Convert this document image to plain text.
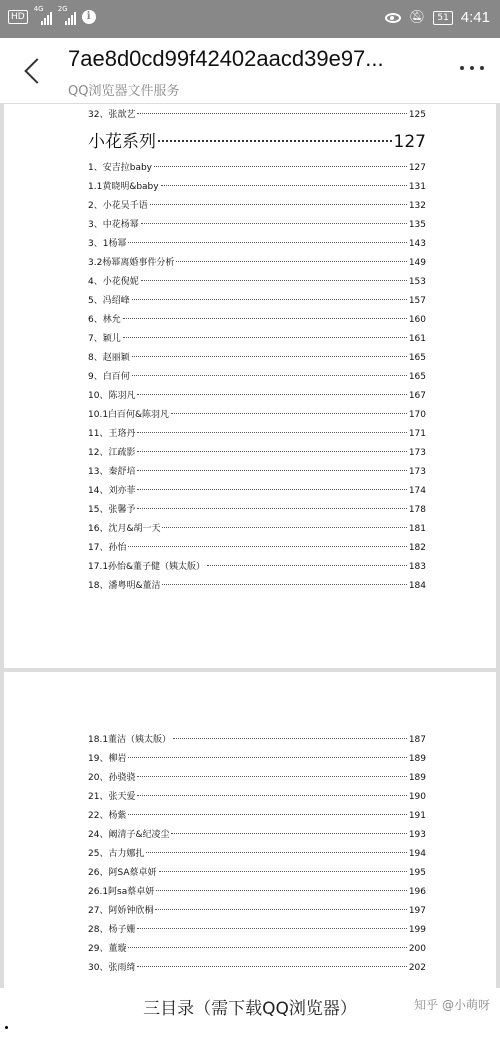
HD
4G 2G
i	🔕︎	51 4:41
7ae8d0cd99f42402aacd39e97...
QQ浏览器文件服务
32、张歆艺	125
小花系列	127
1、安吉拉baby	127
1.1黄晓明&baby	131
2、小花吴千语	132
3、中花杨幂	135
3、1杨幂	143
3.2杨幂离婚事件分析	149
4、小花倪妮	153
5、冯绍峰	157
6、林允	160
7、颖儿	161
8、赵丽颖	165
9、白百何	165
10、陈羽凡	167
10.1白百何&陈羽凡	170
11、王珞丹	171
12、江疏影	173
13、秦舒培	173
14、刘亦菲	174
15、张馨予	178
16、沈月&胡一天	181
17、孙怡	182
17.1孙怡&董子健（姨太版）	183
18、潘粤明&董洁	184
18.1董洁（姨太版）	187
19、柳岩	189
20、孙骁骁	189
21、张天爱	190
22、杨紫	191
24、阚清子&纪凌尘	193
25、古力娜扎	194
26、阿SA蔡卓妍	195
26.1阿sa蔡卓妍	196
27、阿娇钟欣桐	197
28、杨子姗	199
29、董璇	200
30、张雨绮	202
三目录（需下载QQ浏览器）	知乎 @小萌呀
